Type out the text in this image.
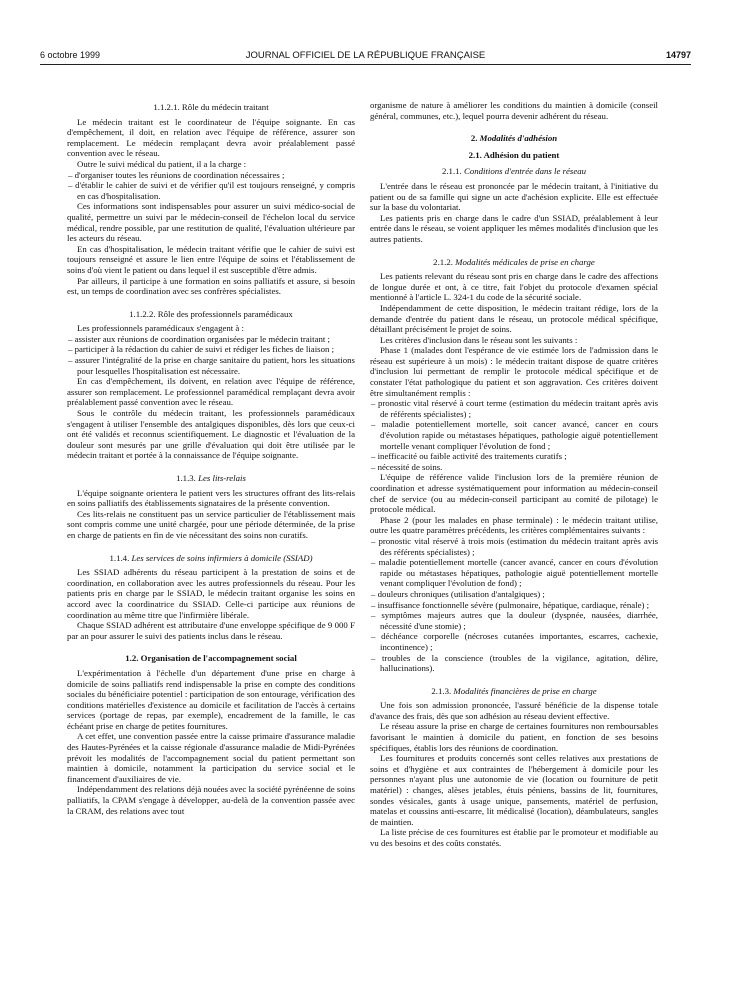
6 octobre 1999	JOURNAL OFFICIEL DE LA RÉPUBLIQUE FRANÇAISE	14797
1.1.2.1. Rôle du médecin traitant

Le médecin traitant est le coordinateur de l'équipe soignante. En cas d'empêchement, il doit, en relation avec l'équipe de référence, assurer son remplacement. Le médecin remplaçant devra avoir préalablement passé convention avec le réseau.

Outre le suivi médical du patient, il a la charge :

– d'organiser toutes les réunions de coordination nécessaires ;
– d'établir le cahier de suivi et de vérifier qu'il est toujours renseigné, y compris en cas d'hospitalisation.

Ces informations sont indispensables pour assurer un suivi médico-social de qualité, permettre un suivi par le médecin-conseil de l'échelon local du service médical, rendre possible, par une restitution de qualité, l'évaluation ultérieure par les acteurs du réseau.

En cas d'hospitalisation, le médecin traitant vérifie que le cahier de suivi est toujours renseigné et assure le lien entre l'équipe de soins et l'établissement de soins d'où vient le patient ou dans lequel il est susceptible d'être admis.

Par ailleurs, il participe à une formation en soins palliatifs et assure, si besoin est, un temps de coordination avec ses confrères spécialistes.

1.1.2.2. Rôle des professionnels paramédicaux

Les professionnels paramédicaux s'engagent à :

– assister aux réunions de coordination organisées par le médecin traitant ;
– participer à la rédaction du cahier de suivi et rédiger les fiches de liaison ;
– assurer l'intégralité de la prise en charge sanitaire du patient, hors les situations pour lesquelles l'hospitalisation est nécessaire.

En cas d'empêchement, ils doivent, en relation avec l'équipe de référence, assurer son remplacement. Le professionnel paramédical remplaçant devra avoir préalablement passé convention avec le réseau.

Sous le contrôle du médecin traitant, les professionnels paramédicaux s'engagent à utiliser l'ensemble des antalgiques disponibles, dès lors que ceux-ci ont été validés et reconnus scientifiquement. Le diagnostic et l'évaluation de la douleur sont mesurés par une grille d'évaluation qui doit être utilisée par le médecin traitant et portée à la connaissance de l'équipe soignante.

1.1.3. Les lits-relais

L'équipe soignante orientera le patient vers les structures offrant des lits-relais en soins palliatifs des établissements signataires de la présente convention.

Ces lits-relais ne constituent pas un service particulier de l'établissement mais sont compris comme une unité chargée, pour une période déterminée, de la prise en charge de patients en fin de vie nécessitant des soins non curatifs.

1.1.4. Les services de soins infirmiers à domicile (SSIAD)

Les SSIAD adhérents du réseau participent à la prestation de soins et de coordination, en collaboration avec les autres professionnels du réseau. Pour les patients pris en charge par le SSIAD, le médecin traitant organise les soins en accord avec la coordinatrice du SSIAD. Celle-ci participe aux réunions de coordination au même titre que l'infirmière libérale.

Chaque SSIAD adhérent est attributaire d'une enveloppe spécifique de 9 000 F par an pour assurer le suivi des patients inclus dans le réseau.

1.2. Organisation de l'accompagnement social

L'expérimentation à l'échelle d'un département d'une prise en charge à domicile de soins palliatifs rend indispensable la prise en compte des conditions sociales du bénéficiaire potentiel : participation de son entourage, vérification des conditions matérielles d'existence au domicile et facilitation de l'accès à certains services (portage de repas, par exemple), encadrement de la famille, le cas échéant prise en charge de petites fournitures.

A cet effet, une convention passée entre la caisse primaire d'assurance maladie des Hautes-Pyrénées et la caisse régionale d'assurance maladie de Midi-Pyrénées prévoit les modalités de l'accompagnement social du patient permettant son maintien à domicile, notamment la participation du service social et le financement d'auxiliaires de vie.

Indépendamment des relations déjà nouées avec la société pyrénéenne de soins palliatifs, la CPAM s'engage à développer, au-delà de la convention passée avec la CRAM, des relations avec tout

organisme de nature à améliorer les conditions du maintien à domicile (conseil général, communes, etc.), lequel pourra devenir adhérent du réseau.

2. Modalités d'adhésion
2.1. Adhésion du patient
2.1.1. Conditions d'entrée dans le réseau

L'entrée dans le réseau est prononcée par le médecin traitant, à l'initiative du patient ou de sa famille qui signe un acte d'achésion explicite. Elle est effectuée sur la base du volontariat.

Les patients pris en charge dans le cadre d'un SSIAD, préalablement à leur entrée dans le réseau, se voient appliquer les mêmes modalités d'inclusion que les autres patients.

2.1.2. Modalités médicales de prise en charge

Les patients relevant du réseau sont pris en charge dans le cadre des affections de longue durée et ont, à ce titre, fait l'objet du protocole d'examen spécial mentionné à l'article L. 324-1 du code de la sécurité sociale.

Indépendamment de cette disposition, le médecin traitant rédige, lors de la demande d'entrée du patient dans le réseau, un protocole médical spécifique, détaillant précisément le projet de soins.

Les critères d'inclusion dans le réseau sont les suivants :

Phase 1 (malades dont l'espérance de vie estimée lors de l'admission dans le réseau est supérieure à un mois) : le médecin traitant dispose de quatre critères d'inclusion lui permettant de remplir le protocole médical spécifique et de constater l'état pathologique du patient et son aggravation. Ces critères doivent être simultanément remplis :

– pronostic vital réservé à court terme (estimation du médecin traitant après avis de référents spécialistes) ;
– maladie potentiellement mortelle, soit cancer avancé, cancer en cours d'évolution rapide ou métastases hépatiques, pathologie aiguë potentiellement mortelle venant compliquer l'évolution de fond ;
– inefficacité ou faible activité des traitements curatifs ;
– nécessité de soins.

L'équipe de référence valide l'inclusion lors de la première réunion de coordination et adresse systématiquement pour information au médecin-conseil chef de service (ou au médecin-conseil participant au comité de pilotage) le protocole médical.

Phase 2 (pour les malades en phase terminale) : le médecin traitant utilise, outre les quatre paramètres précédents, les critères complémentaires suivants :

– pronostic vital réservé à trois mois (estimation du médecin traitant après avis des référents spécialistes) ;
– maladie potentiellement mortelle (cancer avancé, cancer en cours d'évolution rapide ou métastases hépatiques, pathologie aiguë potentiellement mortelle venant compliquer l'évolution de fond) ;
– douleurs chroniques (utilisation d'antalgiques) ;
– insuffisance fonctionnelle sévère (pulmonaire, hépatique, cardiaque, rénale) ;
– symptômes majeurs autres que la douleur (dyspnée, nausées, diarrhée, nécessité d'une stomie) ;
– déchéance corporelle (nécroses cutanées importantes, escarres, cachexie, incontinence) ;
– troubles de la conscience (troubles de la vigilance, agitation, délire, hallucinations).
2.1.3. Modalités financières de prise en charge

Une fois son admission prononcée, l'assuré bénéficie de la dispense totale d'avance des frais, dès que son adhésion au réseau devient effective.

Le réseau assure la prise en charge de certaines fournitures non remboursables favorisant le maintien à domicile du patient, en fonction de ses besoins spécifiques, établis lors des réunions de coordination.

Les fournitures et produits concernés sont celles relatives aux prestations de soins et d'hygiène et aux contraintes de l'hébergement à domicile pour les personnes n'ayant plus une autonomie de vie (location ou fourniture de petit matériel) : changes, alèses jetables, étuis péniens, bassins de lit, fournitures, sondes vésicales, gants à usage unique, pansements, matériel de perfusion, matelas et coussins anti-escarre, lit médicalisé (location), déambulateurs, sangles de maintien.

La liste précise de ces fournitures est établie par le promoteur et modifiable au vu des besoins et des coûts constatés.
